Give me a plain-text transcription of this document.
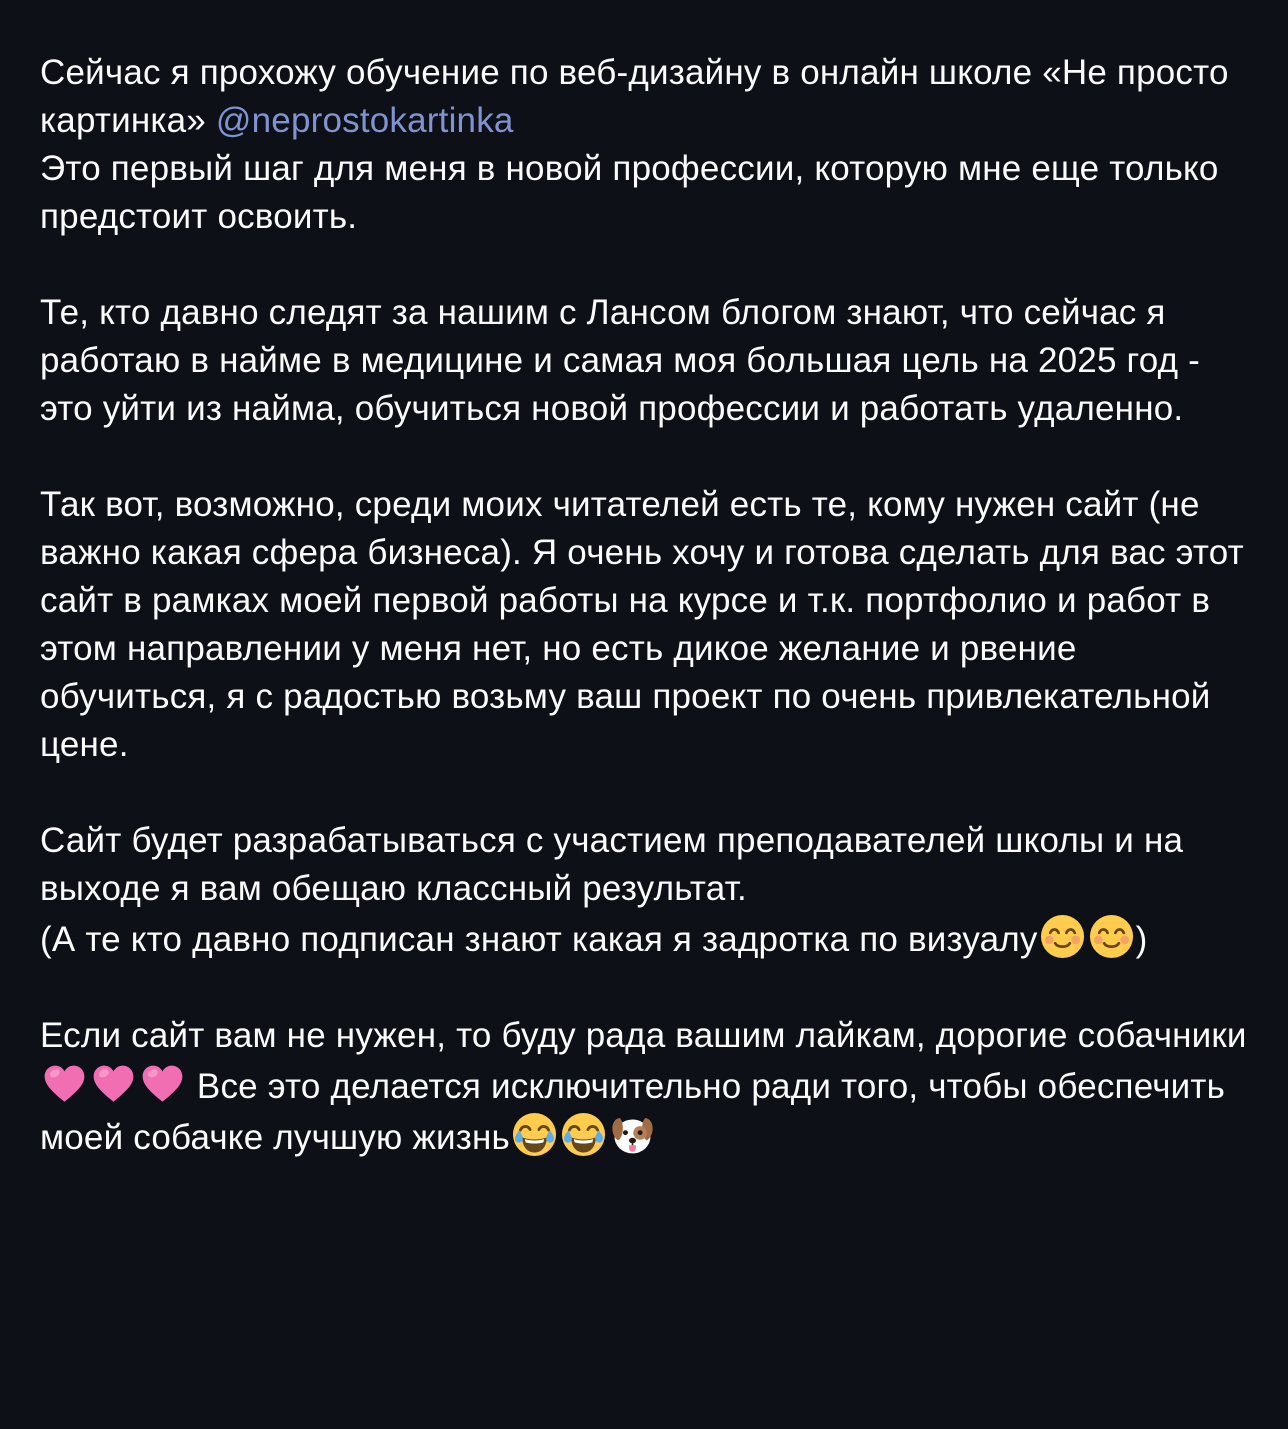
Сейчас я прохожу обучение по веб-дизайну в онлайн школе «Не просто картинка» @neprostokartinka
Это первый шаг для меня в новой профессии, которую мне еще только предстоит освоить.

Те, кто давно следят за нашим с Лансом блогом знают, что сейчас я работаю в найме в медицине и самая моя большая цель на 2025 год - это уйти из найма, обучиться новой профессии и работать удаленно.

Так вот, возможно, среди моих читателей есть те, кому нужен сайт (не важно какая сфера бизнеса). Я очень хочу и готова сделать для вас этот сайт в рамках моей первой работы на курсе и т.к. портфолио и работ в этом направлении у меня нет, но есть дикое желание и рвение обучиться, я с радостью возьму ваш проект по очень привлекательной цене.

Сайт будет разрабатываться с участием преподавателей школы и на выходе я вам обещаю классный результат.
(А те кто давно подписан знают какая я задротка по визуалу	)

Если сайт вам не нужен, то буду рада вашим лайкам, дорогие собачники
Все это делается исключительно ради того, чтобы обеспечить моей собачке лучшую жизнь
